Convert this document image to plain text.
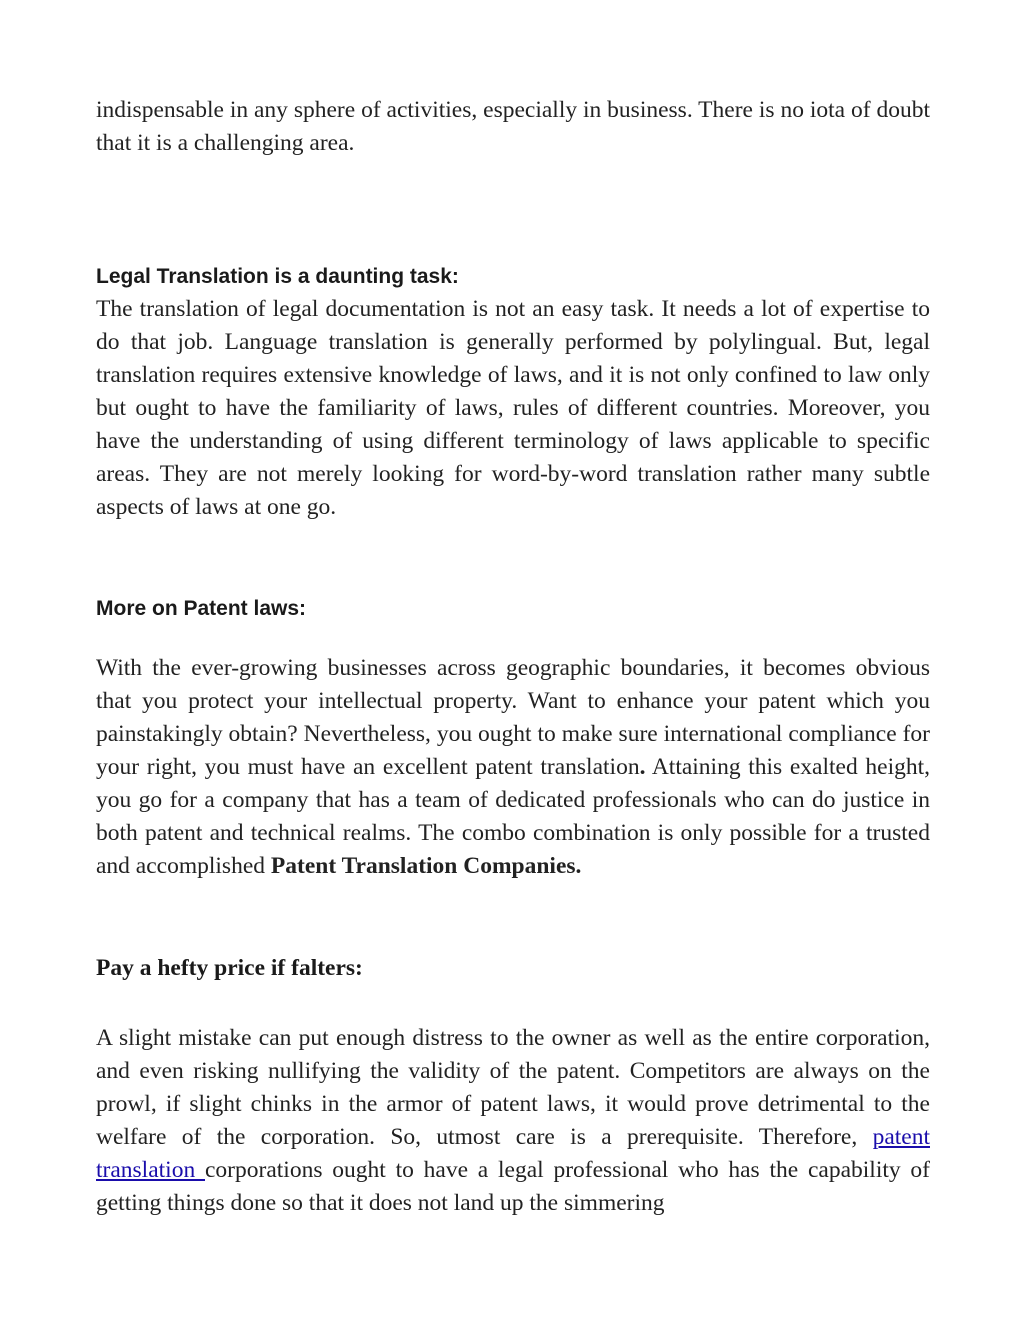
indispensable in any sphere of activities, especially in business. There is no iota of doubt that it is a challenging area.

Legal Translation is a daunting task:

The translation of legal documentation is not an easy task. It needs a lot of expertise to do that job. Language translation is generally performed by polylingual. But, legal translation requires extensive knowledge of laws, and it is not only confined to law only but ought to have the familiarity of laws, rules of different countries. Moreover, you have the understanding of using different terminology of laws applicable to specific areas. They are not merely looking for word-by-word translation rather many subtle aspects of laws at one go.

More on Patent laws:

With the ever-growing businesses across geographic boundaries, it becomes obvious that you protect your intellectual property. Want to enhance your patent which you painstakingly obtain? Nevertheless, you ought to make sure international compliance for your right, you must have an excellent patent translation. Attaining this exalted height, you go for a company that has a team of dedicated professionals who can do justice in both patent and technical realms. The combo combination is only possible for a trusted and accomplished Patent Translation Companies.

Pay a hefty price if falters:

A slight mistake can put enough distress to the owner as well as the entire corporation, and even risking nullifying the validity of the patent. Competitors are always on the prowl, if slight chinks in the armor of patent laws, it would prove detrimental to the welfare of the corporation. So, utmost care is a prerequisite. Therefore, patent translation corporations ought to have a legal professional who has the capability of getting things done so that it does not land up the simmering
